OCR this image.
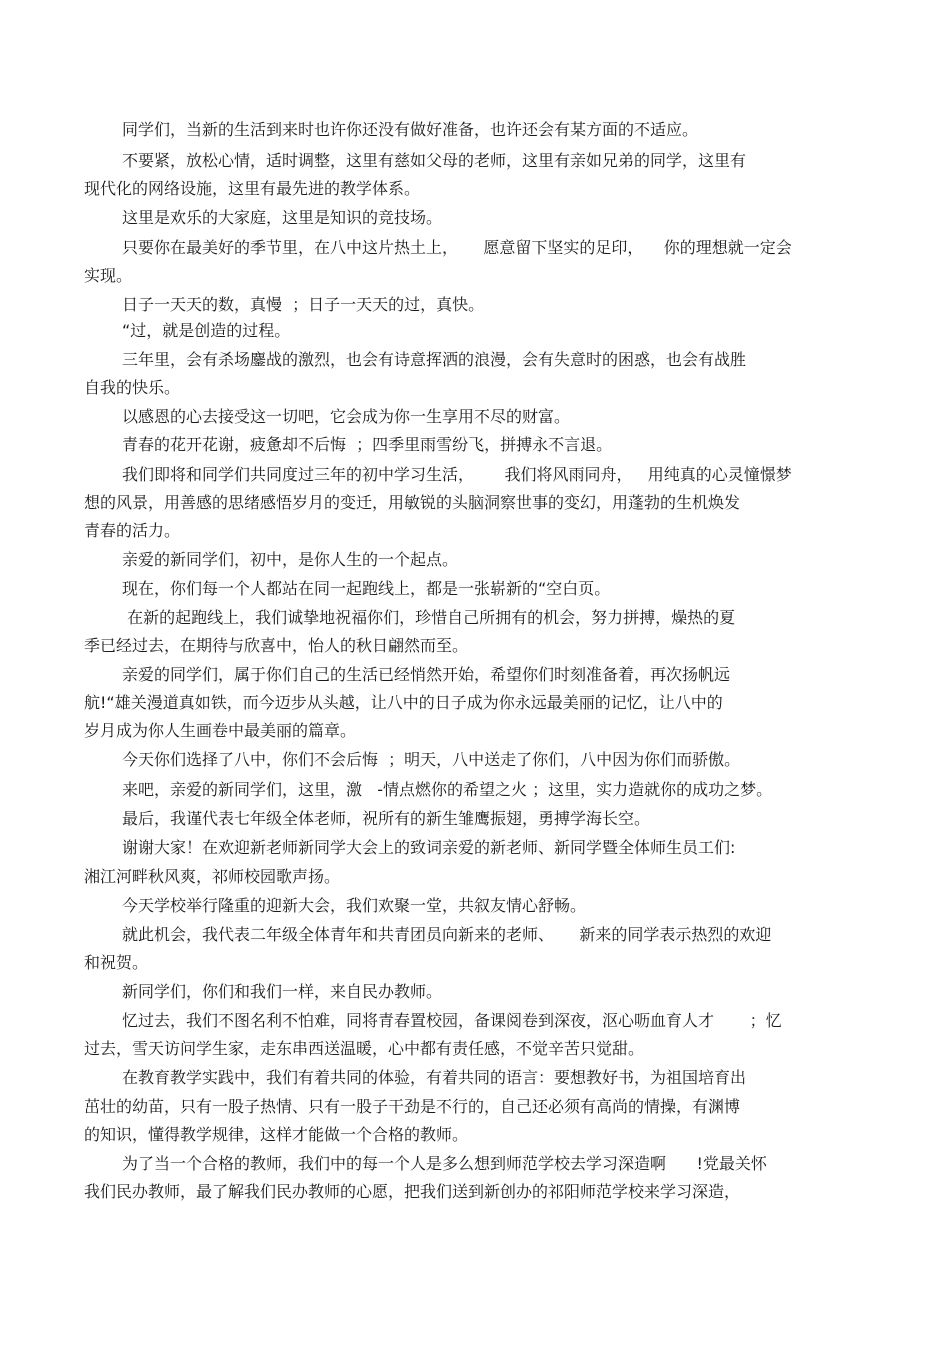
同学们，当新的生活到来时也许你还没有做好准备，也许还会有某方面的不适应。
不要紧，放松心情，适时调整，这里有慈如父母的老师，这里有亲如兄弟的同学，这里有
现代化的网络设施，这里有最先进的教学体系。
这里是欢乐的大家庭，这里是知识的竞技场。
只要你在最美好的季节里，在八中这片热土上，     愿意留下坚实的足印，    你的理想就一定会
实现。
日子一天天的数，真慢  ；日子一天天的过，真快。
“过，就是创造的过程。
三年里，会有杀场鏖战的激烈，也会有诗意挥洒的浪漫，会有失意时的困惑，也会有战胜
自我的快乐。
以感恩的心去接受这一切吧，它会成为你一生享用不尽的财富。
青春的花开花谢，疲惫却不后悔  ；四季里雨雪纷飞，拼搏永不言退。
我们即将和同学们共同度过三年的初中学习生活，      我们将风雨同舟，   用纯真的心灵憧憬梦
想的风景，用善感的思绪感悟岁月的变迁，用敏锐的头脑洞察世事的变幻，用蓬勃的生机焕发
青春的活力。
亲爱的新同学们，初中，是你人生的一个起点。
现在，你们每一个人都站在同一起跑线上，都是一张崭新的“空白页。
在新的起跑线上，我们诚挚地祝福你们，珍惜自己所拥有的机会，努力拼搏，燥热的夏
季已经过去，在期待与欣喜中，怡人的秋日翩然而至。
亲爱的同学们，属于你们自己的生活已经悄然开始，希望你们时刻准备着，再次扬帆远
航!“雄关漫道真如铁，而今迈步从头越，让八中的日子成为你永远最美丽的记忆，让八中的
岁月成为你人生画卷中最美丽的篇章。
今天你们选择了八中，你们不会后悔  ；明天，八中送走了你们，八中因为你们而骄傲。
来吧，亲爱的新同学们，这里，激   -情点燃你的希望之火 ；这里，实力造就你的成功之梦。
最后，我谨代表七年级全体老师，祝所有的新生雏鹰振翅，勇搏学海长空。
谢谢大家！在欢迎新老师新同学大会上的致词亲爱的新老师、新同学暨全体师生员工们:
湘江河畔秋风爽，祁师校园歌声扬。
今天学校举行隆重的迎新大会，我们欢聚一堂，共叙友情心舒畅。
就此机会，我代表二年级全体青年和共青团员向新来的老师、     新来的同学表示热烈的欢迎
和祝贺。
新同学们，你们和我们一样，来自民办教师。
忆过去，我们不图名利不怕难，同将青春置校园，备课阅卷到深夜，沤心呖血育人才       ；忆
过去，雪天访问学生家，走东串西送温暖，心中都有责任感，不觉辛苦只觉甜。
在教育教学实践中，我们有着共同的体验，有着共同的语言：要想教好书，为祖国培育出
茁壮的幼苗，只有一股子热情、只有一股子干劲是不行的，自己还必须有高尚的情操，有渊博
的知识，懂得教学规律，这样才能做一个合格的教师。
为了当一个合格的教师，我们中的每一个人是多么想到师范学校去学习深造啊      !党最关怀
我们民办教师，最了解我们民办教师的心愿，把我们送到新创办的祁阳师范学校来学习深造，
